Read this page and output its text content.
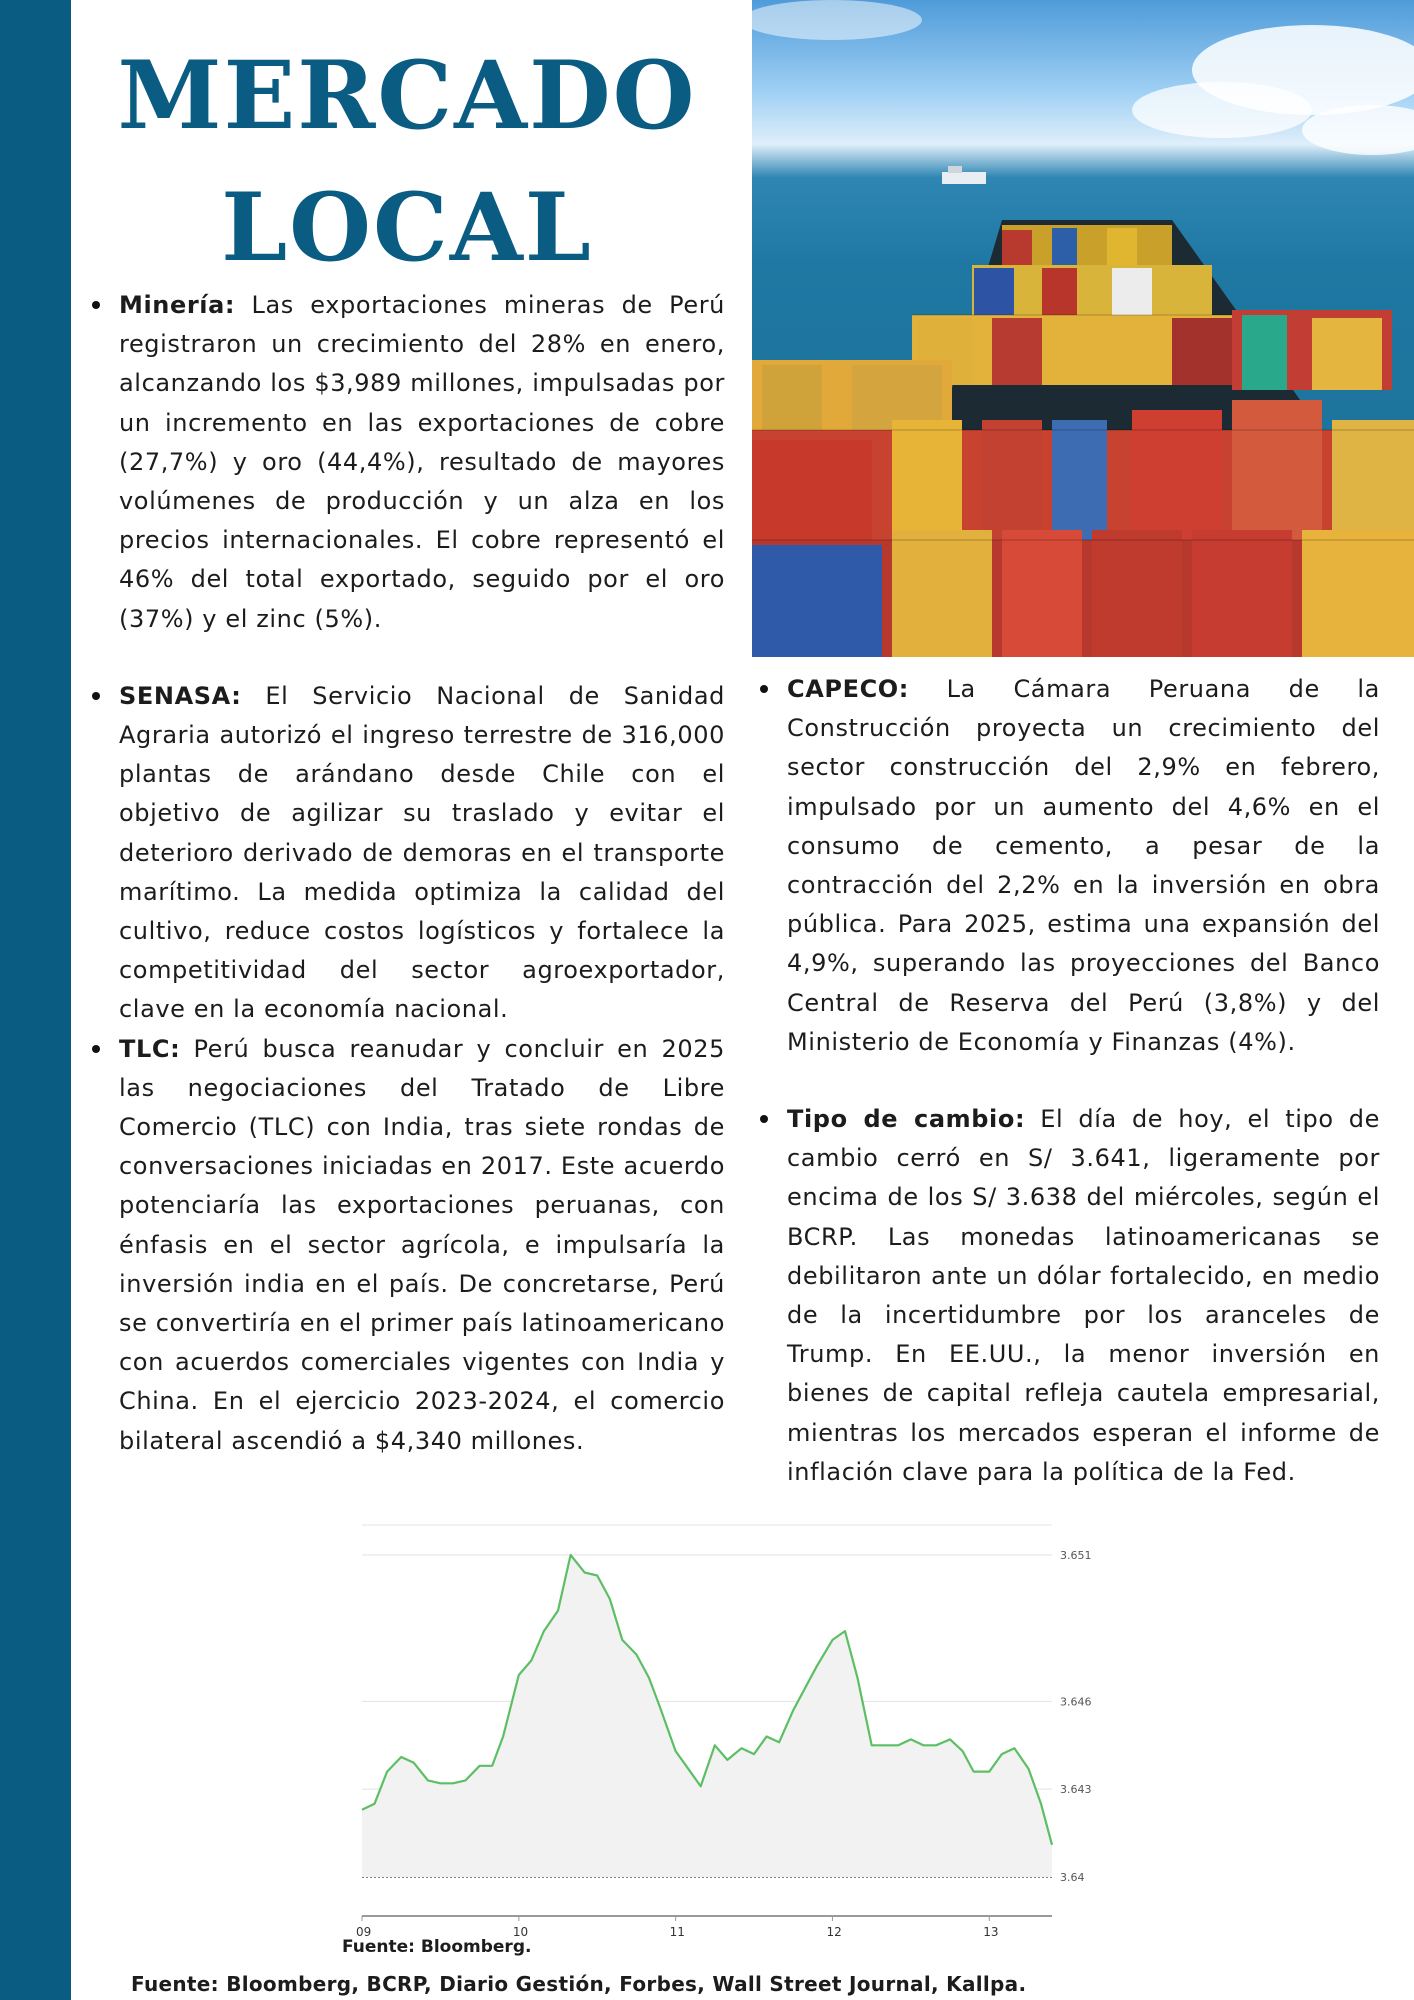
MERCADO
LOCAL
Minería: Las exportaciones mineras de Perú registraron un crecimiento del 28% en enero, alcanzando los $3,989 millones, impulsadas por un incremento en las exportaciones de cobre (27,7%) y oro (44,4%), resultado de mayores volúmenes de producción y un alza en los precios internacionales. El cobre representó el 46% del total exportado, seguido por el oro (37%) y el zinc (5%).
SENASA: El Servicio Nacional de Sanidad Agraria autorizó el ingreso terrestre de 316,000 plantas de arándano desde Chile con el objetivo de agilizar su traslado y evitar el deterioro derivado de demoras en el transporte marítimo. La medida optimiza la calidad del cultivo, reduce costos logísticos y fortalece la competitividad del sector agroexportador, clave en la economía nacional.
TLC: Perú busca reanudar y concluir en 2025 las negociaciones del Tratado de Libre Comercio (TLC) con India, tras siete rondas de conversaciones iniciadas en 2017. Este acuerdo potenciaría las exportaciones peruanas, con énfasis en el sector agrícola, e impulsaría la inversión india en el país. De concretarse, Perú se convertiría en el primer país latinoamericano con acuerdos comerciales vigentes con India y China. En el ejercicio 2023-2024, el comercio bilateral ascendió a $4,340 millones.
CAPECO: La Cámara Peruana de la Construcción proyecta un crecimiento del sector construcción del 2,9% en febrero, impulsado por un aumento del 4,6% en el consumo de cemento, a pesar de la contracción del 2,2% en la inversión en obra pública. Para 2025, estima una expansión del 4,9%, superando las proyecciones del Banco Central de Reserva del Perú (3,8%) y del Ministerio de Economía y Finanzas (4%).
Tipo de cambio: El día de hoy, el tipo de cambio cerró en S/ 3.641, ligeramente por encima de los S/ 3.638 del miércoles, según el BCRP. Las monedas latinoamericanas se debilitaron ante un dólar fortalecido, en medio de la incertidumbre por los aranceles de Trump. En EE.UU., la menor inversión en bienes de capital refleja cautela empresarial, mientras los mercados esperan el informe de inflación clave para la política de la Fed.
3.651
3.646
3.643
3.64
09	10	11	12	13
Fuente: Bloomberg.
Fuente: Bloomberg, BCRP, Diario Gestión, Forbes, Wall Street Journal, Kallpa.
